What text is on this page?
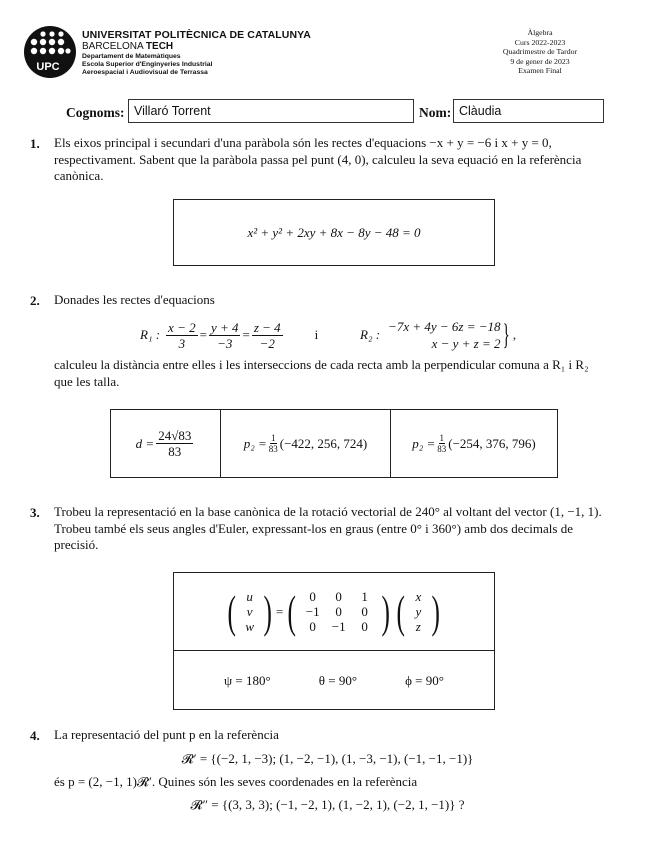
UPC
UNIVERSITAT POLITÈCNICA DE CATALUNYA
BARCELONA TECH
Departament de Matemàtiques
Escola Superior d'Enginyeries Industrial
Aeroespacial i Audiovisual de Terrassa
Àlgebra
Curs 2022-2023
Quadrimestre de Tardor
9 de gener de 2023
Examen Final
Cognoms: Villaró Torrent	Nom: Clàudia
1. Els eixos principal i secundari d'una paràbola són les rectes d'equacions −x + y = −6 i x + y = 0,
respectivament. Sabent que la paràbola passa pel punt (4, 0), calculeu la seva equació en la referència
canònica.
x² + y² + 2xy + 8x − 8y − 48 = 0
2. Donades les rectes d'equacions
R₁ : $\frac{x - 2}{3} = \frac{y + 4}{-3} = \frac{z - 4}{-2}$ i	R₂ :
−7x + 4y − 6z = −18
x − y + z = 2 } ,
calculeu la distància entre elles i les interseccions de cada recta amb la perpendicular comuna a R₁ i R₂
que les talla.
$d = \frac{24√83}{83}$	$p_2 = \frac{1}{83} (-422$, 256, 724)	$p_2 = \frac{1}{83} (-254$, 376, 796)
3. Trobeu la representació en la base canònica de la rotació vectorial de 240° al voltant del vector (1, −1, 1).
Trobeu també els seus angles d'Euler, expressant-los en graus (entre 0° i 360°) amb dos decimals de
precisió.
( u
v
w ) = (	0	0	1
−1	0	0
0	−1	0 ) ( x
y
z )
ψ = 180°	θ = 90°	ϕ = 90°
4. La representació del punt p en la referència
𝓡′ = {(−2, 1, −3); (1, −2, −1), (1, −3, −1), (−1, −1, −1)}
és p = (2, −1, 1)𝓡′. Quines són les seves coordenades en la referència
𝓡″ = {(3, 3, 3); (−1, −2, 1), (1, −2, 1), (−2, 1, −1)} ?
